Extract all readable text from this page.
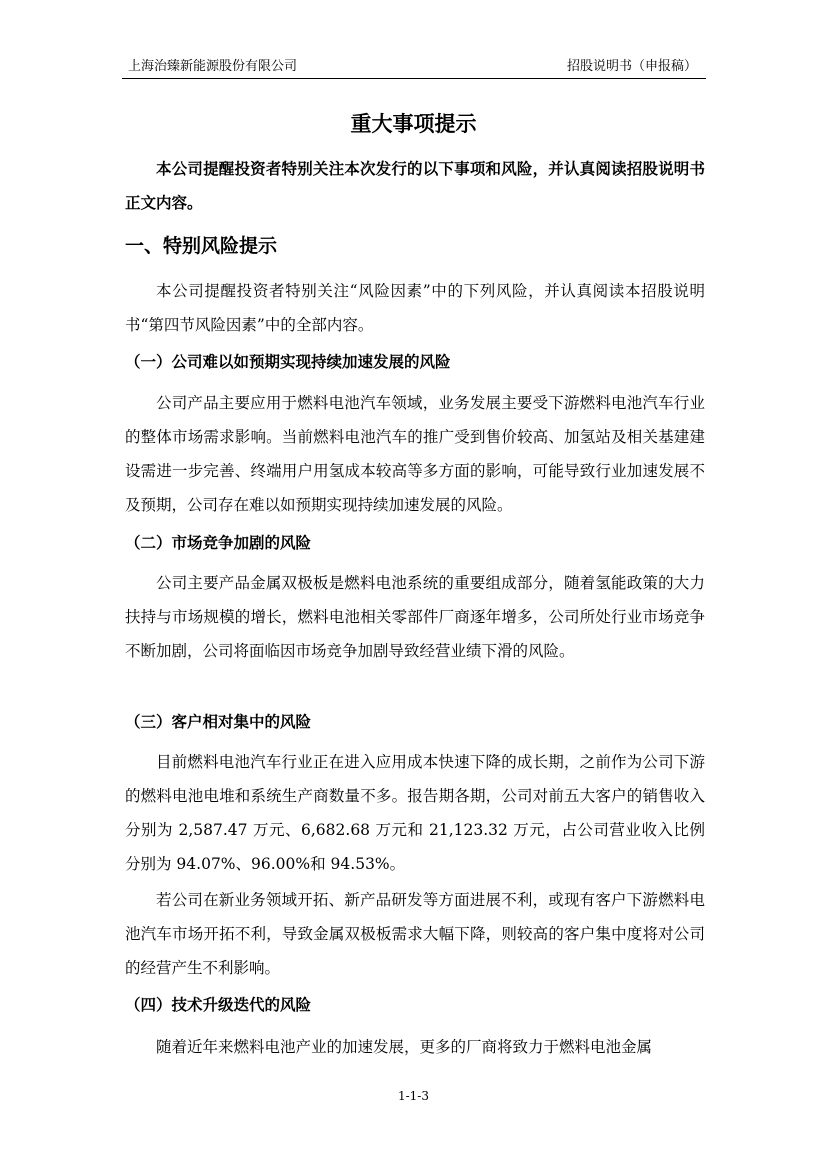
上海治臻新能源股份有限公司	招股说明书（申报稿）
重大事项提示

本公司提醒投资者特别关注本次发行的以下事项和风险，并认真阅读招股说明书正文内容。

一、特别风险提示

本公司提醒投资者特别关注“风险因素”中的下列风险，并认真阅读本招股说明书“第四节风险因素”中的全部内容。

（一）公司难以如预期实现持续加速发展的风险

公司产品主要应用于燃料电池汽车领域，业务发展主要受下游燃料电池汽车行业的整体市场需求影响。当前燃料电池汽车的推广受到售价较高、加氢站及相关基建建设需进一步完善、终端用户用氢成本较高等多方面的影响，可能导致行业加速发展不及预期，公司存在难以如预期实现持续加速发展的风险。

（二）市场竞争加剧的风险

公司主要产品金属双极板是燃料电池系统的重要组成部分，随着氢能政策的大力扶持与市场规模的增长，燃料电池相关零部件厂商逐年增多，公司所处行业市场竞争不断加剧，公司将面临因市场竞争加剧导致经营业绩下滑的风险。

（三）客户相对集中的风险

目前燃料电池汽车行业正在进入应用成本快速下降的成长期，之前作为公司下游的燃料电池电堆和系统生产商数量不多。报告期各期，公司对前五大客户的销售收入分别为 2,587.47 万元、6,682.68 万元和 21,123.32 万元，占公司营业收入比例分别为 94.07%、96.00%和 94.53%。

若公司在新业务领域开拓、新产品研发等方面进展不利，或现有客户下游燃料电池汽车市场开拓不利，导致金属双极板需求大幅下降，则较高的客户集中度将对公司的经营产生不利影响。

（四）技术升级迭代的风险

随着近年来燃料电池产业的加速发展，更多的厂商将致力于燃料电池金属

1-1-3
